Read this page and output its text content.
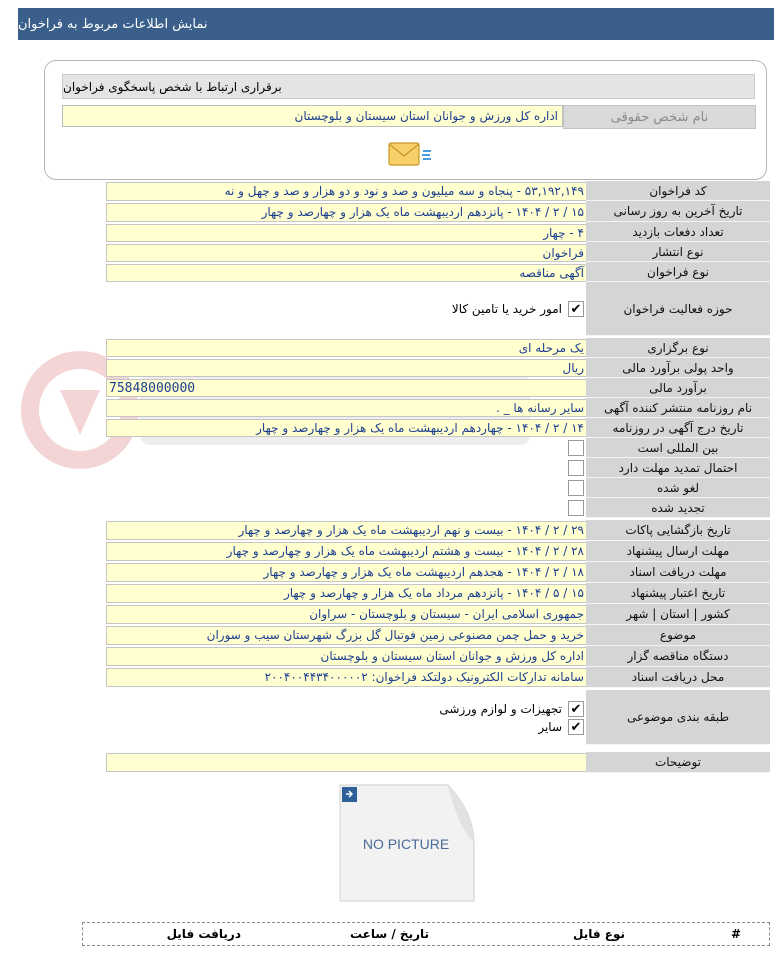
نمایش اطلاعات مربوط به فراخوان
برقراری ارتباط با شخص پاسخگوی فراخوان
نام شخص حقوقی
اداره کل ورزش و جوانان استان سیستان و بلوچستان
کد فراخوان
۵۳,۱۹۲,۱۴۹ - پنجاه و سه میلیون و صد و نود و دو هزار و صد و چهل و نه
تاریخ آخرین به روز رسانی
۱۵ / ۲ / ۱۴۰۴ - پانزدهم اردیبهشت ماه یک هزار و چهارصد و چهار
تعداد دفعات بازدید
۴ - چهار
نوع انتشار
فراخوان
نوع فراخوان
آگهی مناقصه
حوزه فعالیت فراخوان
✔
امور خرید یا تامین کالا
نوع برگزاری
یک مرحله ای
واحد پولی برآورد مالی
ریال
برآورد مالی
75848000000
نام روزنامه منتشر کننده آگهی
سایر رسانه ها _ .
تاریخ درج آگهی در روزنامه
۱۴ / ۲ / ۱۴۰۴ - چهاردهم اردیبهشت ماه یک هزار و چهارصد و چهار
بین المللی است
احتمال تمدید مهلت دارد
لغو شده
تجدید شده
تاریخ بازگشایی پاکات
۲۹ / ۲ / ۱۴۰۴ - بیست و نهم اردیبهشت ماه یک هزار و چهارصد و چهار
مهلت ارسال پیشنهاد
۲۸ / ۲ / ۱۴۰۴ - بیست و هشتم اردیبهشت ماه یک هزار و چهارصد و چهار
مهلت دریافت اسناد
۱۸ / ۲ / ۱۴۰۴ - هجدهم اردیبهشت ماه یک هزار و چهارصد و چهار
تاریخ اعتبار پیشنهاد
۱۵ / ۵ / ۱۴۰۴ - پانزدهم مرداد ماه یک هزار و چهارصد و چهار
کشور | استان | شهر
جمهوری اسلامی ایران - سیستان و بلوچستان - سراوان
موضوع
خرید و حمل چمن مصنوعی زمین فوتبال گل بزرگ شهرستان سیب و سوران
دستگاه مناقصه گزار
اداره کل ورزش و جوانان استان سیستان و بلوچستان
محل دریافت اسناد
سامانه تدارکات الکترونیک دولتکد فراخوان: ۲۰۰۴۰۰۴۴۳۴۰۰۰۰۰۲
طبقه بندی موضوعی
✔
تجهیزات و لوازم ورزشی
✔
سایر
توضیحات
NO PICTURE
#
نوع فایل
تاریخ / ساعت
دریافت فایل
